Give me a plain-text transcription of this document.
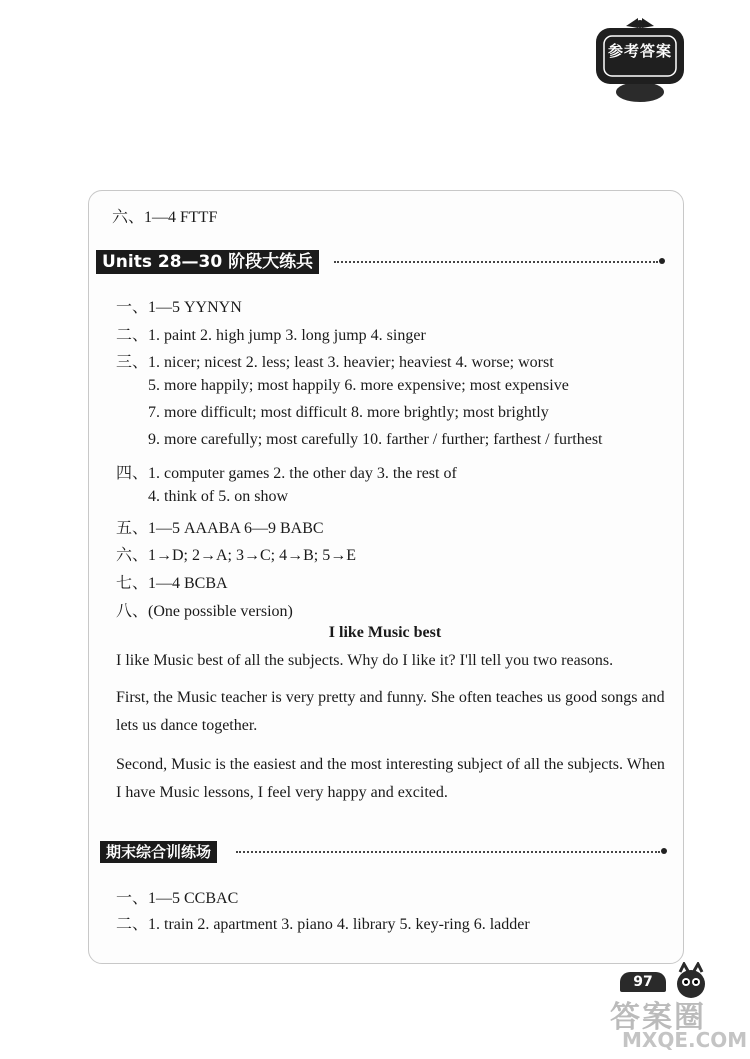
参考答案
六、1—4 FTTF
Units 28—30 阶段大练兵
一、1—5 YYNYN
二、1. paint 2. high jump 3. long jump 4. singer
三、1. nicer; nicest 2. less; least 3. heavier; heaviest 4. worse; worst
5. more happily; most happily 6. more expensive; most expensive
7. more difficult; most difficult 8. more brightly; most brightly
9. more carefully; most carefully 10. farther / further; farthest / furthest
四、1. computer games 2. the other day 3. the rest of
4. think of 5. on show
五、1—5 AAABA 6—9 BABC
六、1→D; 2→A; 3→C; 4→B; 5→E
七、1—4 BCBA
八、(One possible version)
I like Music best
I like Music best of all the subjects. Why do I like it? I'll tell you two reasons.
First, the Music teacher is very pretty and funny. She often teaches us good songs and lets us dance together.
Second, Music is the easiest and the most interesting subject of all the subjects. When I have Music lessons, I feel very happy and excited.
期末综合训练场
一、1—5 CCBAC
二、1. train 2. apartment 3. piano 4. library 5. key-ring 6. ladder
97
答案圈
MXQE.COM
